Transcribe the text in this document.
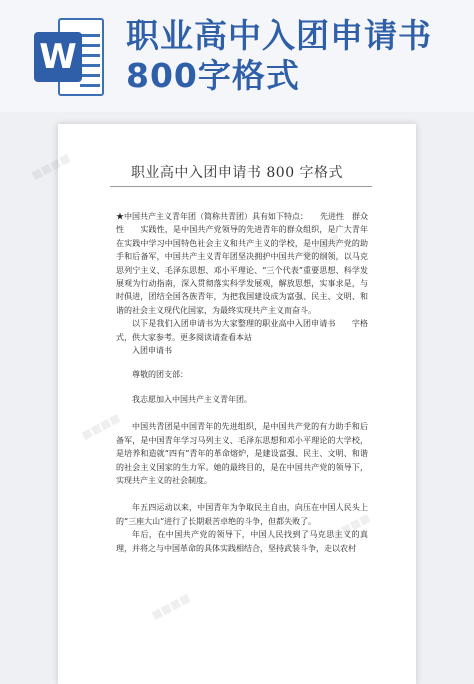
W
职业高中入团申请书800字格式
职业高中入团申请书 800 字格式

★中国共产主义青年团（简称共青团）具有如下特点：　　先进性　群众性　　实践性，是中国共产党领导的先进青年的群众组织，是广大青年在实践中学习中国特色社会主义和共产主义的学校，是中国共产党的助手和后备军，中国共产主义青年团坚决拥护中国共产党的纲领，以马克思列宁主义、毛泽东思想、邓小平理论、“三个代表”重要思想、科学发展观为行动指南，深入贯彻落实科学发展观，解放思想，实事求是，与时俱进，团结全国各族青年，为把我国建设成为富强、民主、文明、和谐的社会主义现代化国家，为最终实现共产主义而奋斗。

以下是我们入团申请书为大家整理的职业高中入团申请书　　字格式，供大家参考。更多阅读请查看本站

入团申请书

尊敬的团支部：

我志愿加入中国共产主义青年团。

中国共青团是中国青年的先进组织，是中国共产党的有力助手和后备军，是中国青年学习马列主义、毛泽东思想和邓小平理论的大学校，是培养和造就“四有”青年的革命熔炉，是建设富强、民主、文明、和谐的社会主义国家的生力军。她的最终目的，是在中国共产党的领导下，实现共产主义的社会制度。

年五四运动以来，中国青年为争取民主自由，向压在中国人民头上的“三座大山”进行了长期艰苦卓绝的斗争，但都失败了。

年后，在中国共产党的领导下，中国人民找到了马克思主义的真理，并将之与中国革命的具体实践相结合，坚持武装斗争，走以农村

■■■■
